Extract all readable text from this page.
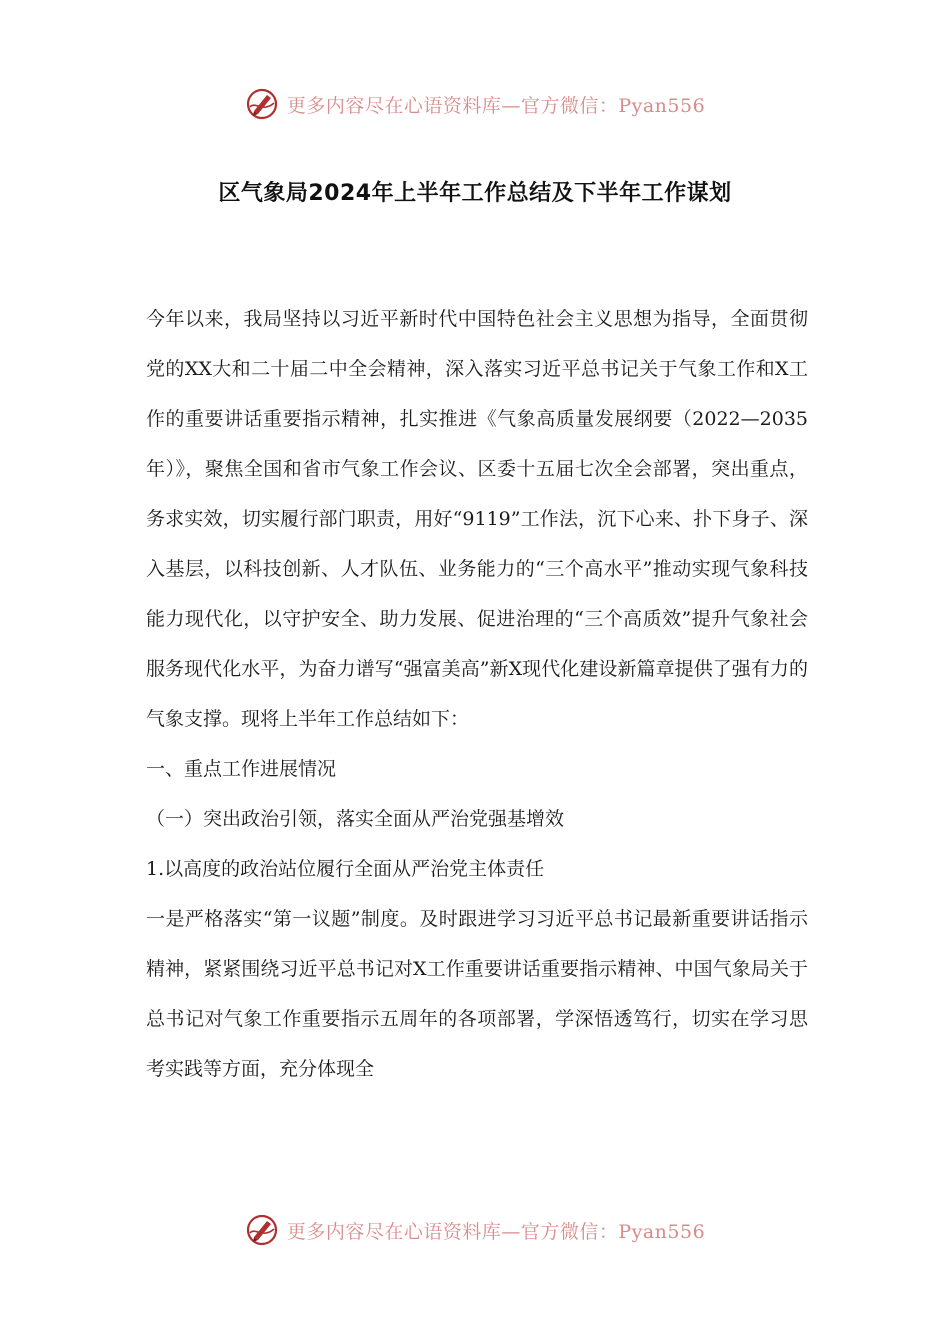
更多内容尽在心语资料库—官方微信：Pyan556
区气象局2024年上半年工作总结及下半年工作谋划

今年以来，我局坚持以习近平新时代中国特色社会主义思想为指导，全面贯彻党的XX大和二十届二中全会精神，深入落实习近平总书记关于气象工作和X工作的重要讲话重要指示精神，扎实推进《气象高质量发展纲要（2022—2035年）》，聚焦全国和省市气象工作会议、区委十五届七次全会部署，突出重点，务求实效，切实履行部门职责，用好“9119”工作法，沉下心来、扑下身子、深入基层，以科技创新、人才队伍、业务能力的“三个高水平”推动实现气象科技能力现代化，以守护安全、助力发展、促进治理的“三个高质效”提升气象社会服务现代化水平，为奋力谱写“强富美高”新X现代化建设新篇章提供了强有力的气象支撑。现将上半年工作总结如下：

一、重点工作进展情况

（一）突出政治引领，落实全面从严治党强基增效

1.以高度的政治站位履行全面从严治党主体责任

一是严格落实“第一议题”制度。及时跟进学习习近平总书记最新重要讲话指示精神，紧紧围绕习近平总书记对X工作重要讲话重要指示精神、中国气象局关于总书记对气象工作重要指示五周年的各项部署，学深悟透笃行，切实在学习思考实践等方面，充分体现全

更多内容尽在心语资料库—官方微信：Pyan556
